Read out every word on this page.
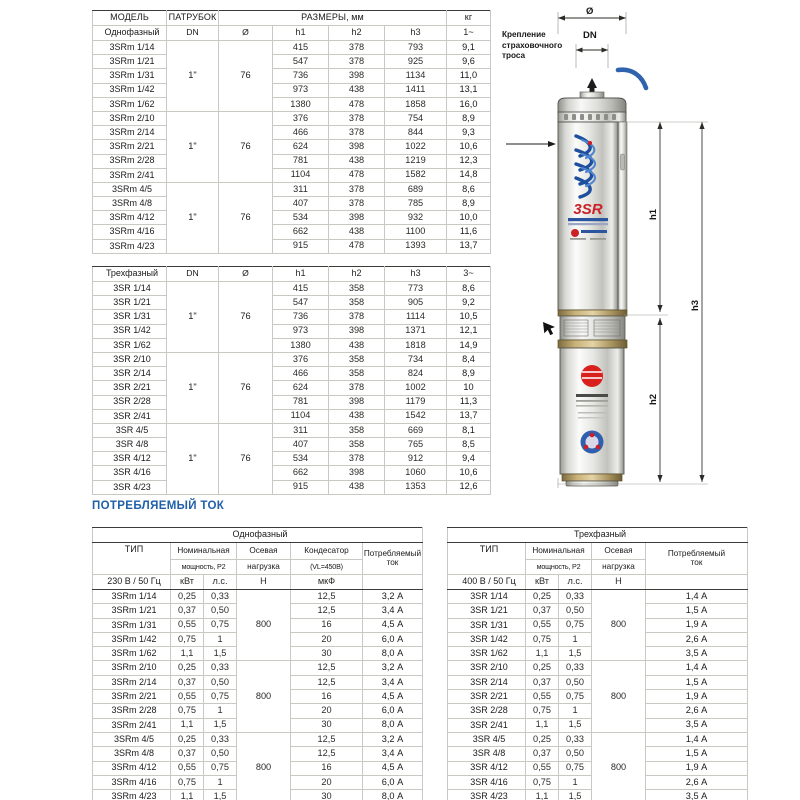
МОДЕЛЬ	ПАТРУБОК	РАЗМЕРЫ, мм				кг
Однофазный	DN	Ø	h1	h2	h3	1~
3SRm 1/14	1"	76	415	378	793	9,1
3SRm 1/21			547	378	925	9,6
3SRm 1/31			736	398	1134	11,0
3SRm 1/42			973	438	1411	13,1
3SRm 1/62			1380	478	1858	16,0
3SRm 2/10	1"	76	376	378	754	8,9
3SRm 2/14			466	378	844	9,3
3SRm 2/21			624	398	1022	10,6
3SRm 2/28			781	438	1219	12,3
3SRm 2/41			1104	478	1582	14,8
3SRm 4/5	1"	76	311	378	689	8,6
3SRm 4/8			407	378	785	8,9
3SRm 4/12			534	398	932	10,0
3SRm 4/16			662	438	1100	11,6
3SRm 4/23			915	478	1393	13,7
Трехфазный	DN	Ø	h1	h2	h3	3~
3SR 1/14	1"	76	415	358	773	8,6
3SR 1/21			547	358	905	9,2
3SR 1/31			736	378	1114	10,5
3SR 1/42			973	398	1371	12,1
3SR 1/62			1380	438	1818	14,9
3SR 2/10	1"	76	376	358	734	8,4
3SR 2/14			466	358	824	8,9
3SR 2/21			624	378	1002	10
3SR 2/28			781	398	1179	11,3
3SR 2/41			1104	438	1542	13,7
3SR 4/5	1"	76	311	358	669	8,1
3SR 4/8			407	358	765	8,5
3SR 4/12			534	378	912	9,4
3SR 4/16			662	398	1060	10,6
3SR 4/23			915	438	1353	12,6
ПОТРЕБЛЯЕМЫЙ ТОК
Однофазный					
ТИП	Номинальная		Осевая	Кондесатор	Потребляемый
ток

	мощность, P2		нагрузка	(VL=450В)	
230 В / 50 Гц	кВт	л.с.	Н	мкФ	
3SRm 1/14	0,25	0,33	800	12,5	3,2 А
3SRm 1/21	0,37	0,50		12,5	3,4 А
3SRm 1/31	0,55	0,75		16	4,5 А
3SRm 1/42	0,75	1		20	6,0 А
3SRm 1/62	1,1	1,5		30	8,0 А
3SRm 2/10	0,25	0,33	800	12,5	3,2 А
3SRm 2/14	0,37	0,50		12,5	3,4 А
3SRm 2/21	0,55	0,75		16	4,5 А
3SRm 2/28	0,75	1		20	6,0 А
3SRm 2/41	1,1	1,5		30	8,0 А
3SRm 4/5	0,25	0,33	800	12,5	3,2 А
3SRm 4/8	0,37	0,50		12,5	3,4 А
3SRm 4/12	0,55	0,75		16	4,5 А
3SRm 4/16	0,75	1		20	6,0 А
3SRm 4/23	1,1	1,5		30	8,0 А
Трехфазный				
ТИП	Номинальная		Осевая	Потребляемый
ток

	мощность, P2		нагрузка	
400 В / 50 Гц	кВт	л.с.	Н	
3SR 1/14	0,25	0,33	800	1,4 А
3SR 1/21	0,37	0,50		1,5 А
3SR 1/31	0,55	0,75		1,9 А
3SR 1/42	0,75	1		2,6 А
3SR 1/62	1,1	1,5		3,5 А
3SR 2/10	0,25	0,33	800	1,4 А
3SR 2/14	0,37	0,50		1,5 А
3SR 2/21	0,55	0,75		1,9 А
3SR 2/28	0,75	1		2,6 А
3SR 2/41	1,1	1,5		3,5 А
3SR 4/5	0,25	0,33	800	1,4 А
3SR 4/8	0,37	0,50		1,5 А
3SR 4/12	0,55	0,75		1,9 А
3SR 4/16	0,75	1		2,6 А
3SR 4/23	1,1	1,5		3,5 А
3SR
Ø
DN
h1
h2
h3
Крепление
страховочного
троса
